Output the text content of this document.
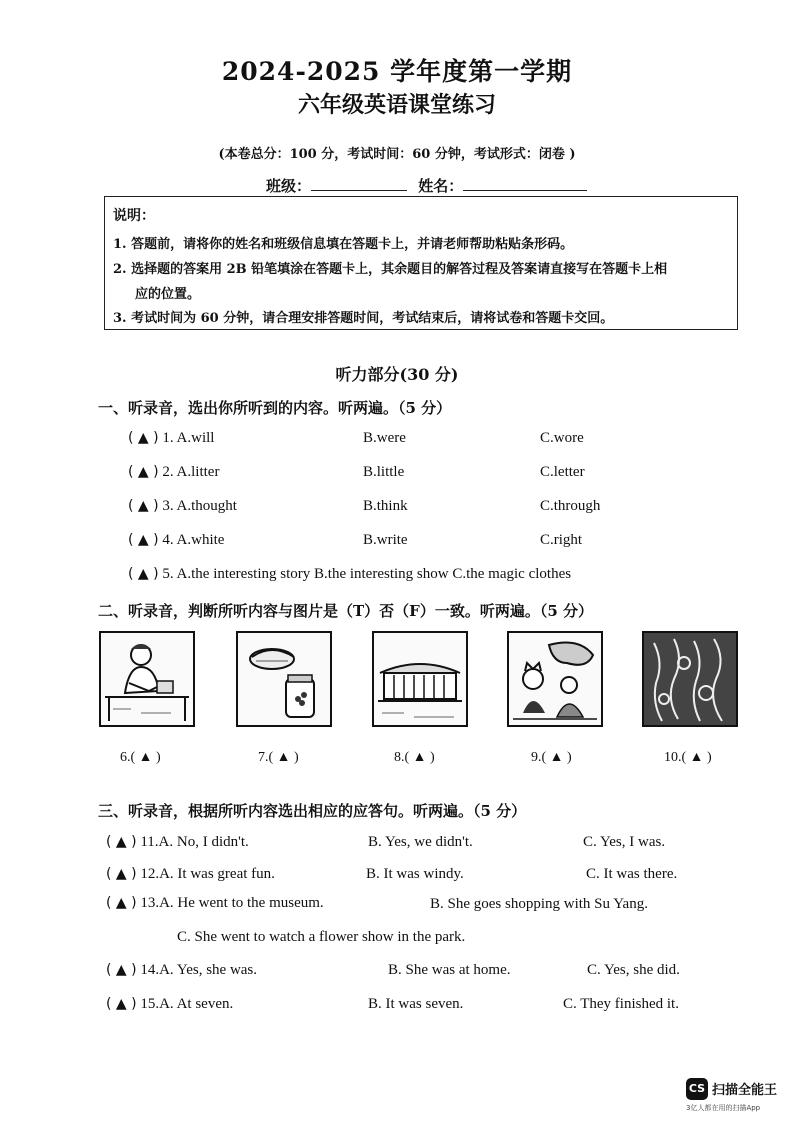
2024-2025 学年度第一学期
六年级英语课堂练习
(本卷总分：100 分，考试时间：60 分钟，考试形式：闭卷 )
班级：	姓名：
说明：
1. 答题前，请将你的姓名和班级信息填在答题卡上，并请老师帮助粘贴条形码。
2. 选择题的答案用 2B 铅笔填涂在答题卡上，其余题目的解答过程及答案请直接写在答题卡上相
应的位置。
3. 考试时间为 60 分钟，请合理安排答题时间，考试结束后，请将试卷和答题卡交回。
听力部分(30 分)
一、听录音，选出你所听到的内容。听两遍。（5 分）
( ▲ ) 1. A.will	B.were	C.wore
( ▲ ) 2. A.litter	B.little	C.letter
( ▲ ) 3. A.thought	B.think	C.through
( ▲ ) 4. A.white	B.write	C.right
( ▲ ) 5. A.the interesting story B.the interesting show C.the magic clothes
二、听录音，判断所听内容与图片是（T）否（F）一致。听两遍。（5 分）
6.( ▲ )	7.( ▲ )	8.( ▲ )	9.( ▲ )	10.( ▲ )
三、听录音，根据所听内容选出相应的应答句。听两遍。（5 分）
( ▲ ) 11.A. No, I didn't.	B. Yes, we didn't.	C. Yes, I was.
( ▲ ) 12.A. It was great fun.	B. It was windy.	C. It was there.
( ▲ ) 13.A. He went to the museum.	B. She goes shopping with Su Yang.
C. She went to watch a flower show in the park.
( ▲ ) 14.A. Yes, she was.	B. She was at home.	C. Yes, she did.
( ▲ ) 15.A. At seven.	B. It was seven.	C. They finished it.
CS 扫描全能王
3亿人都在用的扫描App
